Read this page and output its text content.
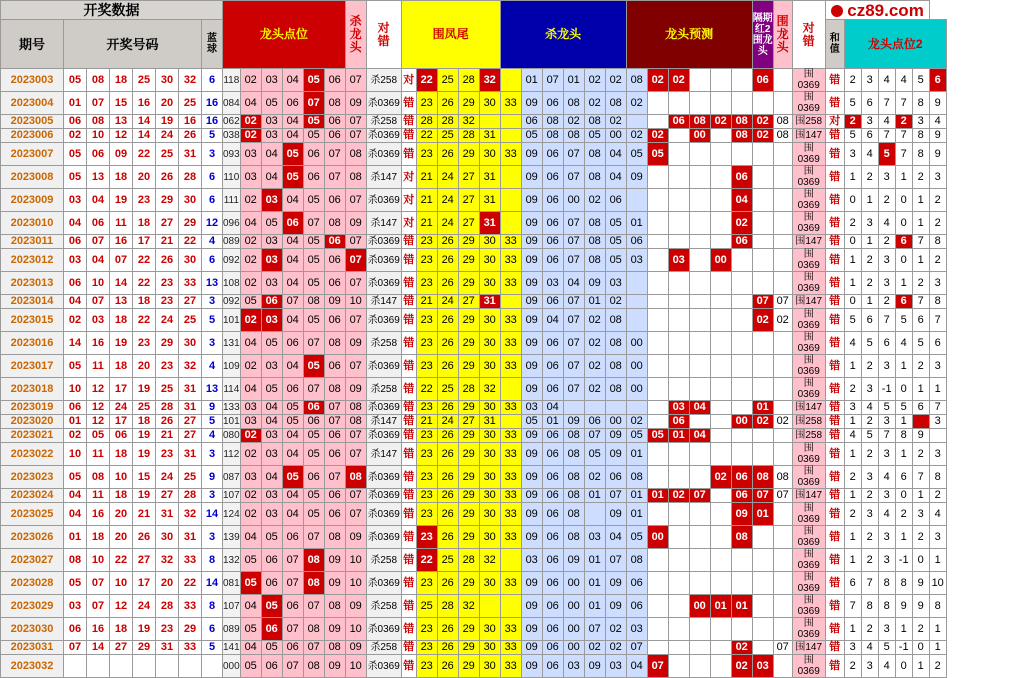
开奖数据								龙头点位						杀龙头	对
错	围凤尾					杀龙头						龙头预测						隔期
红2
围龙
头	围龙头	对
错	cz89.com						
期号	开奖号码						蓝
球																													和
值	龙头点位2					
2023003	05	08	18	25	30	32	6	118	02	03	04	05	06	07	杀258	对	22	25	28	32		01	07	01	02	02	08	02	02				06		围0369	错	2	3	4	4	5	6
2023004	01	07	15	16	20	25	16	084	04	05	06	07	08	09	杀0369	错	23	26	29	30	33	09	06	08	02	08	02								围0369	错	5	6	7	7	8	9
2023005	06	08	13	14	19	16	16	062	02	03	04	05	06	07	杀258	错	28	28	32			06	08	02	08	02			06	08	02	08	02	08	围258	对	2	3	4	2	3	4
2023006	02	10	12	14	24	26	5	038	02	03	04	05	06	07	杀0369	错	22	25	28	31		05	08	08	05	00	02	02		00		08	02	08	围147	错	5	6	7	7	8	9
2023007	05	06	09	22	25	31	3	093	03	04	05	06	07	08	杀0369	错	23	26	29	30	33	09	06	07	08	04	05	05							围0369	错	3	4	5	7	8	9
2023008	05	13	18	20	26	28	6	110	03	04	05	06	07	08	杀147	对	21	24	27	31		09	06	07	08	04	09					06			围0369	错	1	2	3	1	2	3
2023009	03	04	19	23	29	30	6	111	02	03	04	05	06	07	杀0369	对	21	24	27	31		09	06	00	02	06						04			围0369	错	0	1	2	0	1	2
2023010	04	06	11	18	27	29	12	096	04	05	06	07	08	09	杀147	对	21	24	27	31		09	06	07	08	05	01					02			围0369	错	2	3	4	0	1	2
2023011	06	07	16	17	21	22	4	089	02	03	04	05	06	07	杀0369	错	23	26	29	30	33	09	06	07	08	05	06					06			围147	错	0	1	2	6	7	8
2023012	03	04	07	22	26	30	6	092	02	03	04	05	06	07	杀0369	错	23	26	29	30	33	09	06	07	08	05	03		03		00				围0369	错	1	2	3	0	1	2
2023013	06	10	14	22	23	33	13	108	02	03	04	05	06	07	杀0369	错	23	26	29	30	33	09	03	04	09	03									围0369	错	1	2	3	1	2	3
2023014	04	07	13	18	23	27	3	092	05	06	07	08	09	10	杀147	错	21	24	27	31		09	06	07	01	02							07	07	围147	错	0	1	2	6	7	8
2023015	02	03	18	22	24	25	5	101	02	03	04	05	06	07	杀0369	错	23	26	29	30	33	09	04	07	02	08							02	02	围0369	错	5	6	7	5	6	7
2023016	14	16	19	23	29	30	3	131	04	05	06	07	08	09	杀258	错	23	26	29	30	33	09	06	07	02	08	00								围0369	错	4	5	6	4	5	6
2023017	05	11	18	20	23	32	4	109	02	03	04	05	06	07	杀0369	错	23	26	29	30	33	09	06	07	02	08	00								围0369	错	1	2	3	1	2	3
2023018	10	12	17	19	25	31	13	114	04	05	06	07	08	09	杀258	错	22	25	28	32		09	06	07	02	08	00								围0369	错	2	3	-1	0	1	1
2023019	06	12	24	25	28	31	9	133	03	04	05	06	07	08	杀0369	错	23	26	29	30	33	03	04						03	04			01		围147	错	3	4	5	5	6	7
2023020	01	12	17	18	26	27	5	101	03	04	05	06	07	08	杀147	错	21	24	27	31		05	01	09	06	00	02		06			00	02	02	围258	错	1	2	3	1		3
2023021	02	05	06	19	21	27	4	080	02	03	04	05	06	07	杀0369	错	23	26	29	30	33	09	06	08	07	09	05	05	01	04					围258	错	4	5	7	8	9	
2023022	10	11	18	19	23	31	3	112	02	03	04	05	06	07	杀147	错	23	26	29	30	33	09	06	08	05	09	01								围0369	错	1	2	3	1	2	3
2023023	05	08	10	15	24	25	9	087	03	04	05	06	07	08	杀0369	错	23	26	29	30	33	09	06	08	02	06	08				02	06	08	08	围0369	错	2	3	4	6	7	8
2023024	04	11	18	19	27	28	3	107	02	03	04	05	06	07	杀0369	错	23	26	29	30	33	09	06	08	01	07	01	01	02	07		06	07	07	围147	错	1	2	3	0	1	2
2023025	04	16	20	21	31	32	14	124	02	03	04	05	06	07	杀0369	错	23	26	29	30	33	09	06	08		09	01					09	01		围0369	错	2	3	4	2	3	4
2023026	01	18	20	26	30	31	3	139	04	05	06	07	08	09	杀0369	错	23	26	29	30	33	09	06	08	03	04	05	00				08			围0369	错	1	2	3	1	2	3
2023027	08	10	22	27	32	33	8	132	05	06	07	08	09	10	杀258	错	22	25	28	32		03	06	09	01	07	08								围0369	错	1	2	3	-1	0	1
2023028	05	07	10	17	20	22	14	081	05	06	07	08	09	10	杀0369	错	23	26	29	30	33	09	06	00	01	09	06								围0369	错	6	7	8	8	9	10
2023029	03	07	12	24	28	33	8	107	04	05	06	07	08	09	杀258	错	25	28	32			09	06	00	01	09	06			00	01	01			围0369	错	7	8	8	9	9	8
2023030	06	16	18	19	23	29	6	089	05	06	07	08	09	10	杀0369	错	23	26	29	30	33	09	06	00	07	02	03								围0369	错	1	2	3	1	2	1
2023031	07	14	27	29	31	33	5	141	04	05	06	07	08	09	杀258	错	23	26	29	30	33	09	06	00	02	02	07					02		07	围147	错	3	4	5	-1	0	1
2023032								000	05	06	07	08	09	10	杀0369	错	23	26	29	30	33	09	06	03	09	03	04	07				02	03		围0369	错	2	3	4	0	1	2
